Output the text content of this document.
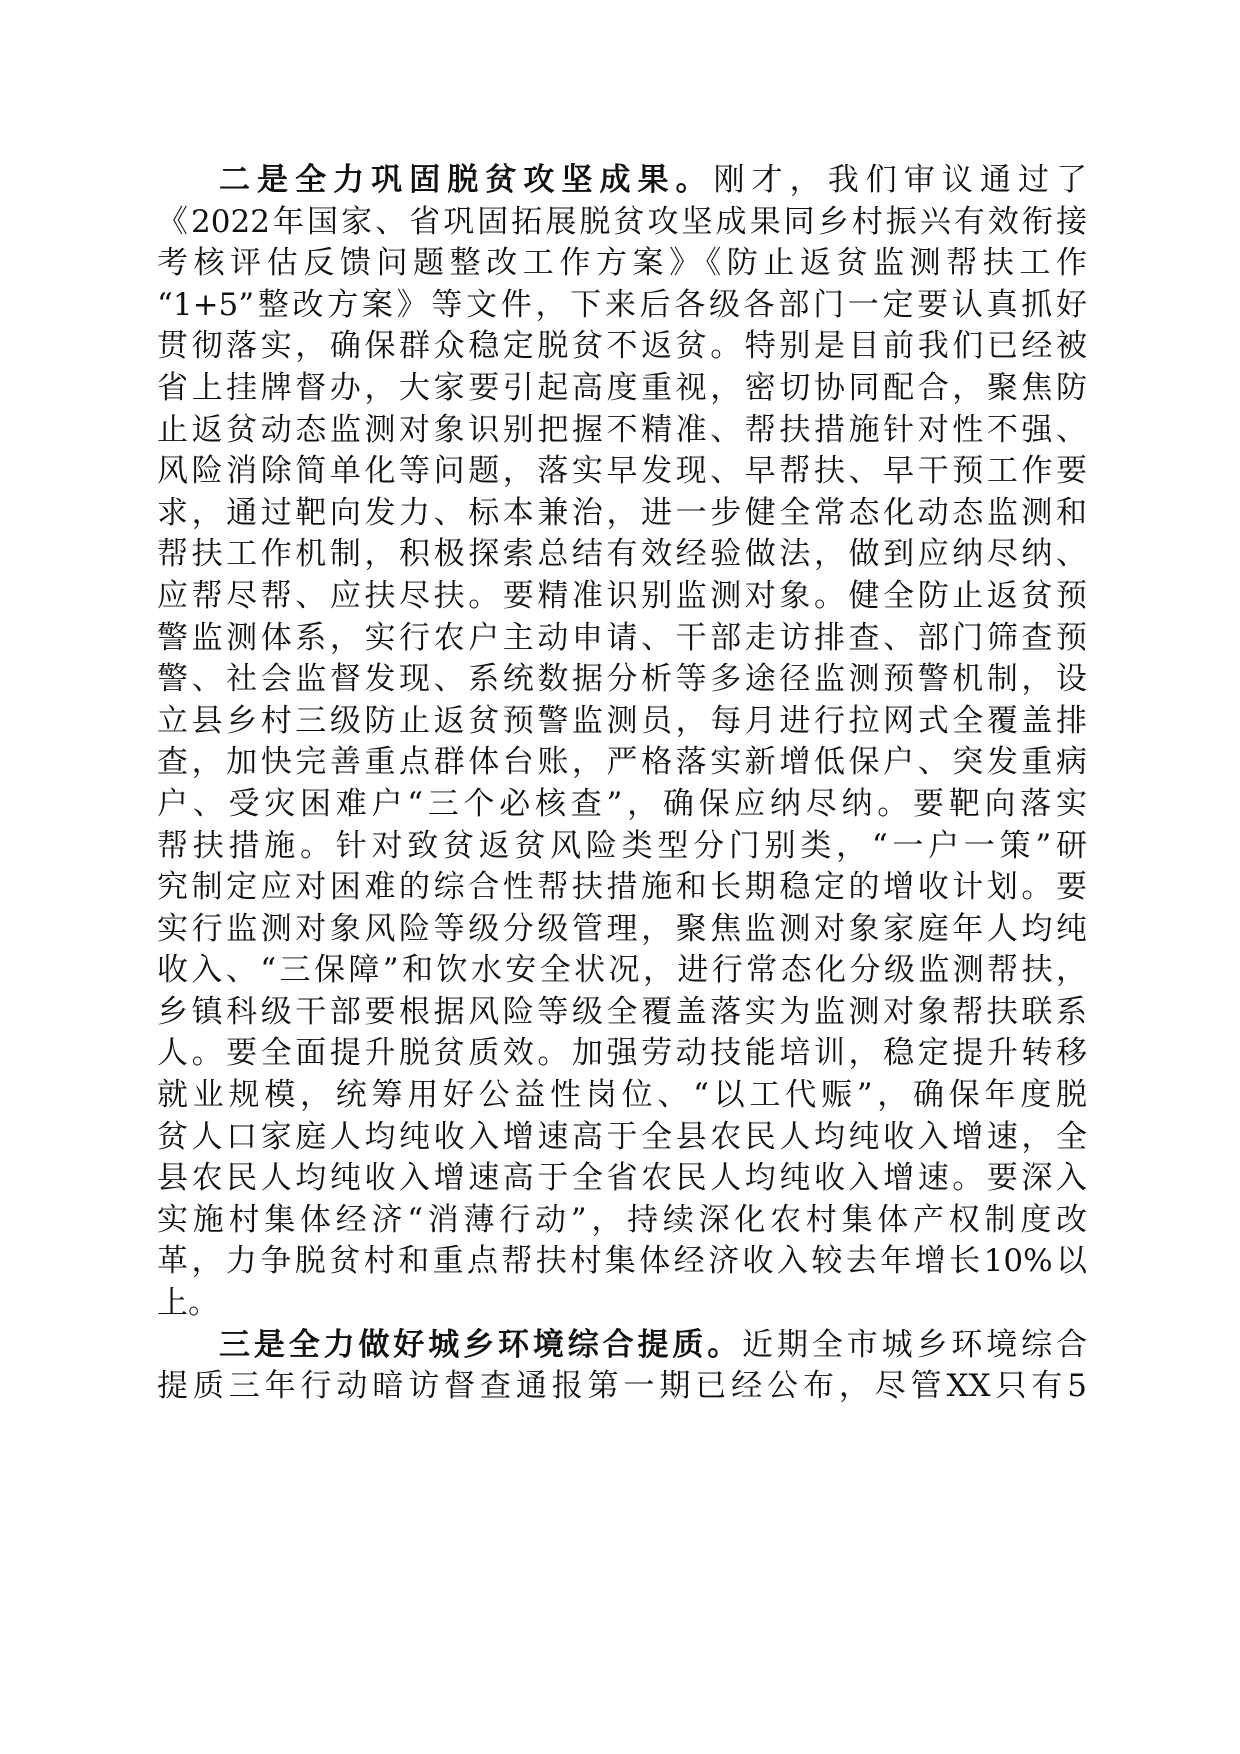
二是全力巩固脱贫攻坚成果。刚才，我们审议通过了
《2022年国家、省巩固拓展脱贫攻坚成果同乡村振兴有效衔接
考核评估反馈问题整改工作方案》《防止返贫监测帮扶工作
“1+5”整改方案》等文件，下来后各级各部门一定要认真抓好
贯彻落实，确保群众稳定脱贫不返贫。特别是目前我们已经被
省上挂牌督办，大家要引起高度重视，密切协同配合，聚焦防
止返贫动态监测对象识别把握不精准、帮扶措施针对性不强、
风险消除简单化等问题，落实早发现、早帮扶、早干预工作要
求，通过靶向发力、标本兼治，进一步健全常态化动态监测和
帮扶工作机制，积极探索总结有效经验做法，做到应纳尽纳、
应帮尽帮、应扶尽扶。要精准识别监测对象。健全防止返贫预
警监测体系，实行农户主动申请、干部走访排查、部门筛查预
警、社会监督发现、系统数据分析等多途径监测预警机制，设
立县乡村三级防止返贫预警监测员，每月进行拉网式全覆盖排
查，加快完善重点群体台账，严格落实新增低保户、突发重病
户、受灾困难户“三个必核查”，确保应纳尽纳。要靶向落实
帮扶措施。针对致贫返贫风险类型分门别类，“一户一策”研
究制定应对困难的综合性帮扶措施和长期稳定的增收计划。要
实行监测对象风险等级分级管理，聚焦监测对象家庭年人均纯
收入、“三保障”和饮水安全状况，进行常态化分级监测帮扶，
乡镇科级干部要根据风险等级全覆盖落实为监测对象帮扶联系
人。要全面提升脱贫质效。加强劳动技能培训，稳定提升转移
就业规模，统筹用好公益性岗位、“以工代赈”，确保年度脱
贫人口家庭人均纯收入增速高于全县农民人均纯收入增速，全
县农民人均纯收入增速高于全省农民人均纯收入增速。要深入
实施村集体经济“消薄行动”，持续深化农村集体产权制度改
革，力争脱贫村和重点帮扶村集体经济收入较去年增长10%以
上。
三是全力做好城乡环境综合提质。近期全市城乡环境综合
提质三年行动暗访督查通报第一期已经公布，尽管XX只有5
